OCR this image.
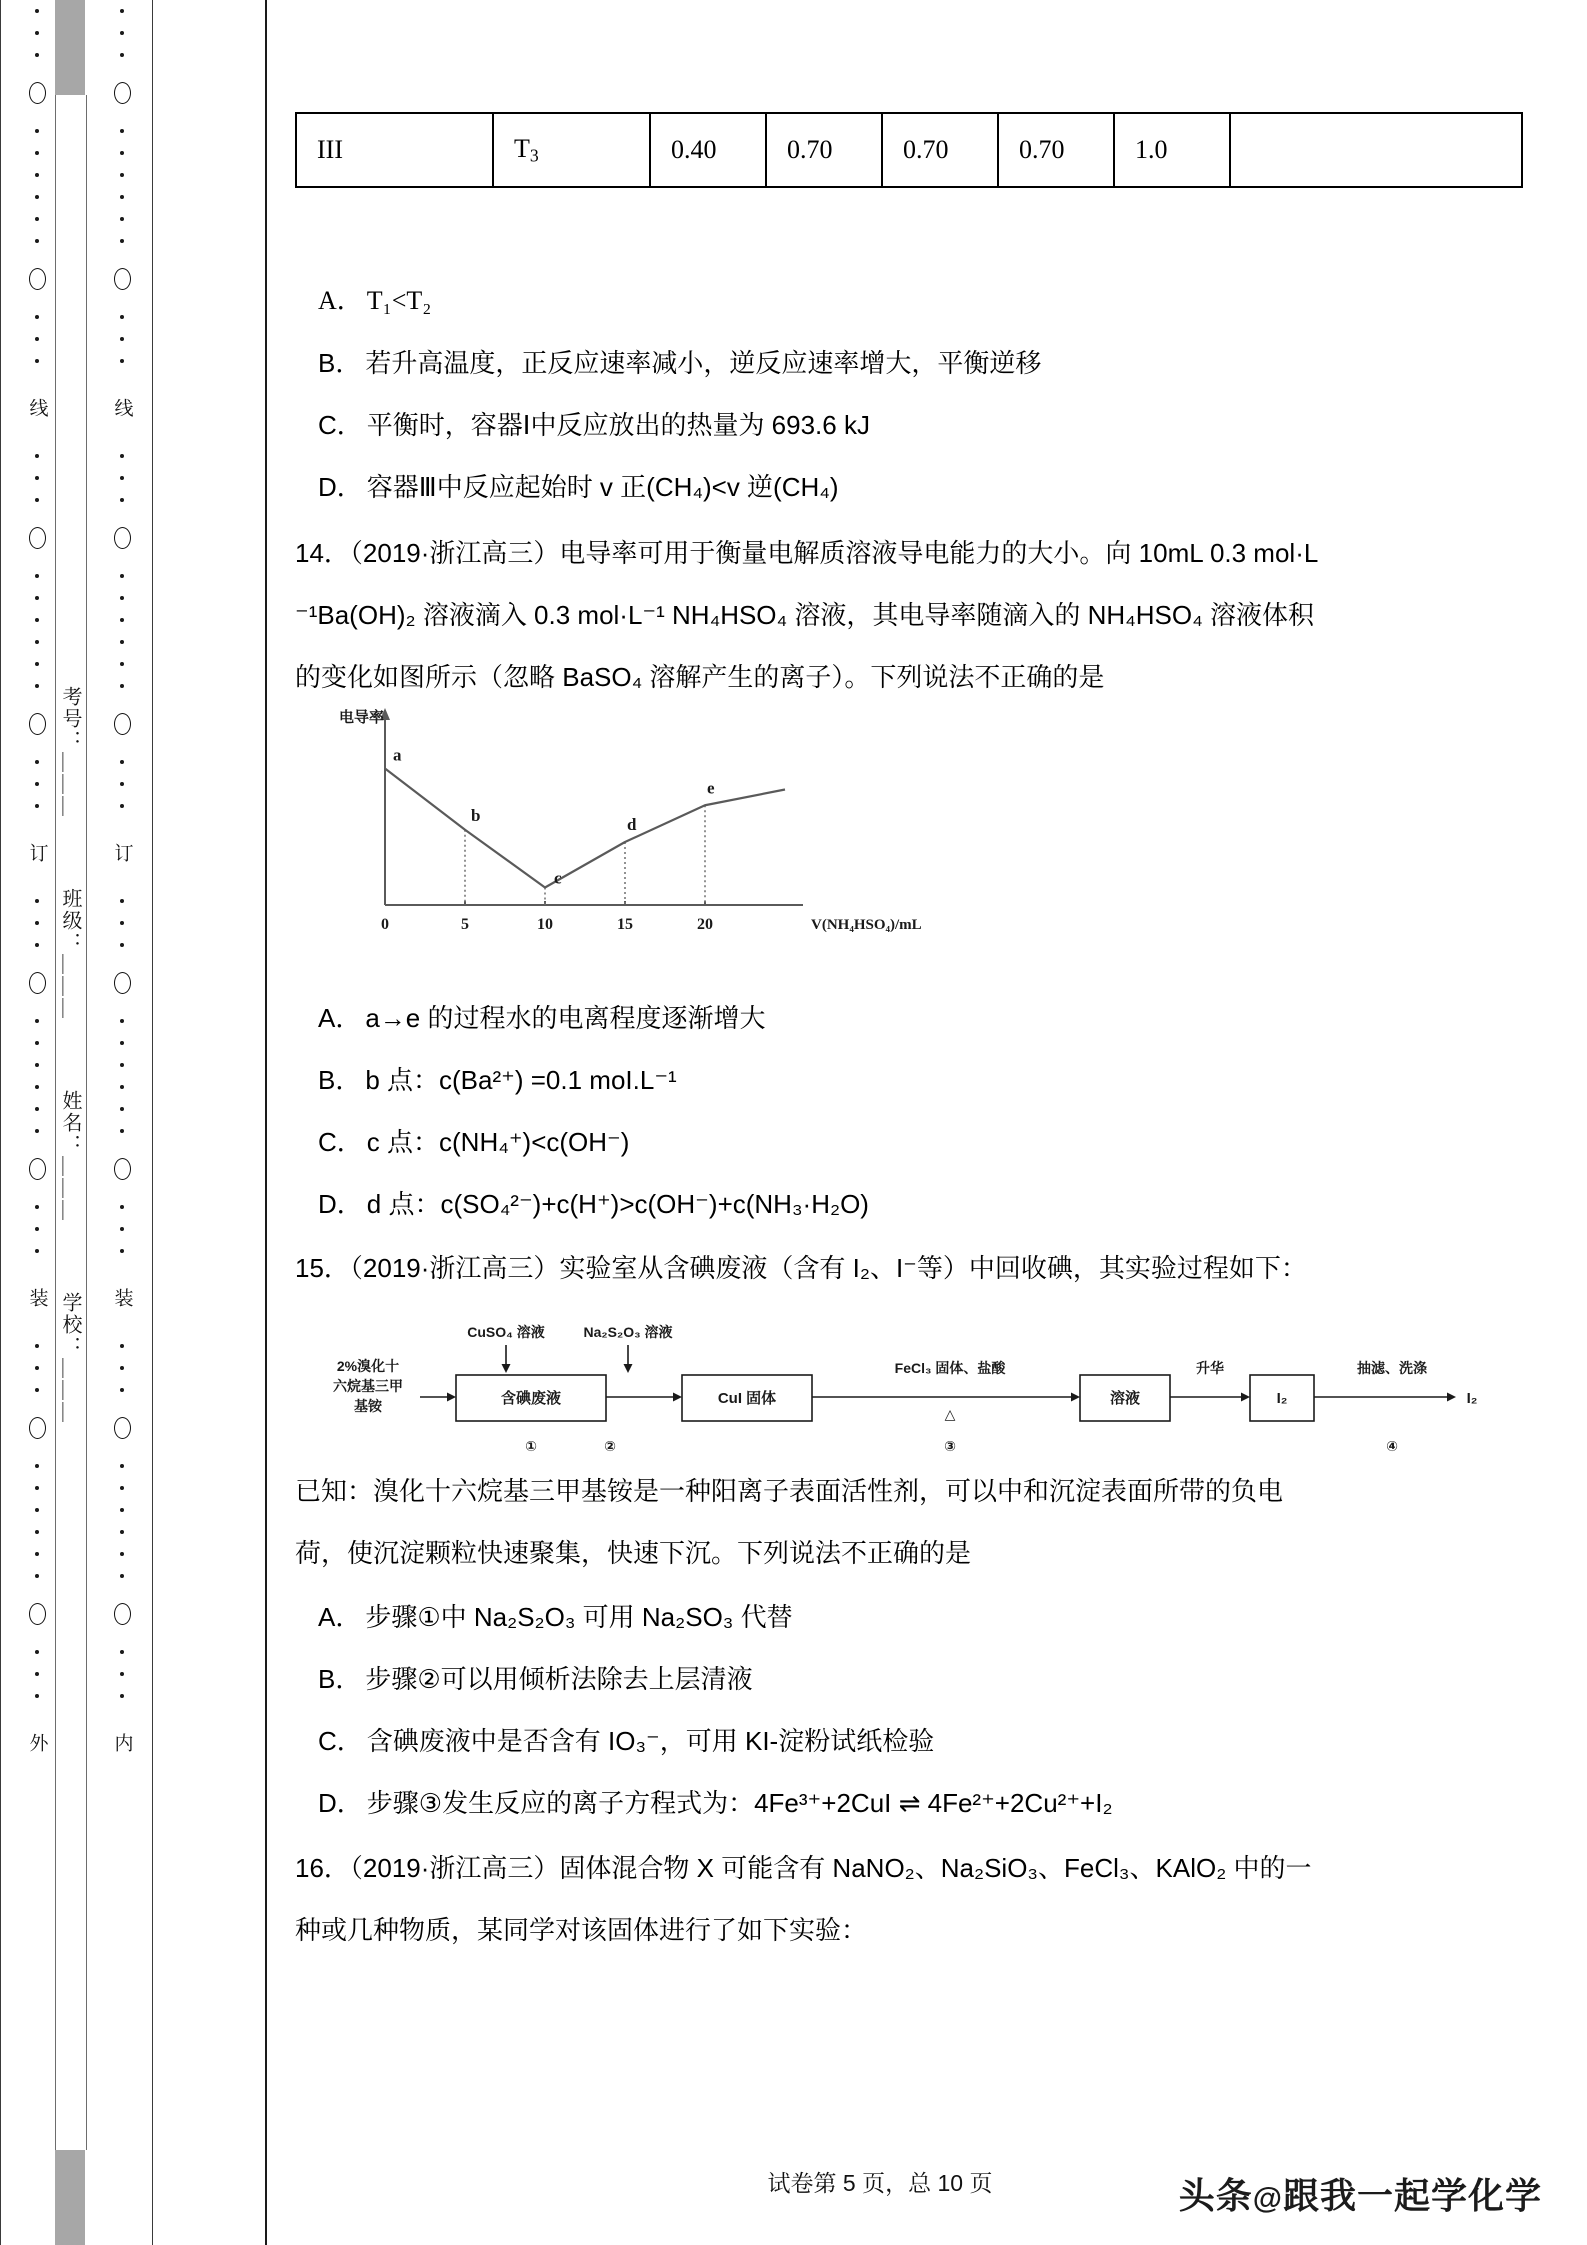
线
订
装
外
考号：＿＿＿
班级：＿＿＿
姓名：＿＿＿
学校：＿＿＿
线
订
装
内
III	$T_3$	0.40	0.70	0.70	0.70	1.0	
A． T₁<T₂
B． 若升高温度，正反应速率减小，逆反应速率增大，平衡逆移
C． 平衡时，容器Ⅰ中反应放出的热量为 693.6 kJ
D． 容器Ⅲ中反应起始时 v 正(CH₄)<v 逆(CH₄)
14．（2019·浙江高三）电导率可用于衡量电解质溶液导电能力的大小。向 10mL 0.3 mol·L
⁻¹Ba(OH)₂ 溶液滴入 0.3 mol·L⁻¹ NH₄HSO₄ 溶液，其电导率随滴入的 NH₄HSO₄ 溶液体积
的变化如图所示（忽略 BaSO₄ 溶解产生的离子）。下列说法不正确的是
电导率
0	5	10	15	20	V(NH₄HSO₄)/mL
a
b
c
d
e
A． a→e 的过程水的电离程度逐渐增大
B． b 点：c(Ba²⁺) =0.1 moI.L⁻¹
C． c 点：c(NH₄⁺)<c(OH⁻)
D． d 点：c(SO₄²⁻)+c(H⁺)>c(OH⁻)+c(NH₃·H₂O)
15．（2019·浙江高三）实验室从含碘废液（含有 I₂、I⁻等）中回收碘，其实验过程如下：
2%溴化十
六烷基三甲
基铵	含碘废液
CuSO₄ 溶液	Na₂S₂O₃ 溶液
CuI 固体
FeCl₃ 固体、盐酸
△
溶液
升华
I₂
抽滤、洗涤
I₂
①	②	③	④
已知：溴化十六烷基三甲基铵是一种阳离子表面活性剂，可以中和沉淀表面所带的负电
荷，使沉淀颗粒快速聚集，快速下沉。下列说法不正确的是
A． 步骤①中 Na₂S₂O₃ 可用 Na₂SO₃ 代替
B． 步骤②可以用倾析法除去上层清液
C． 含碘废液中是否含有 IO₃⁻，可用 KI-淀粉试纸检验
D． 步骤③发生反应的离子方程式为：4Fe³⁺+2CuI ⇌ 4Fe²⁺+2Cu²⁺+I₂
16．（2019·浙江高三）固体混合物 X 可能含有 NaNO₂、Na₂SiO₃、FeCl₃、KAlO₂ 中的一
种或几种物质，某同学对该固体进行了如下实验：
试卷第 5 页，总 10 页	头条@跟我一起学化学
